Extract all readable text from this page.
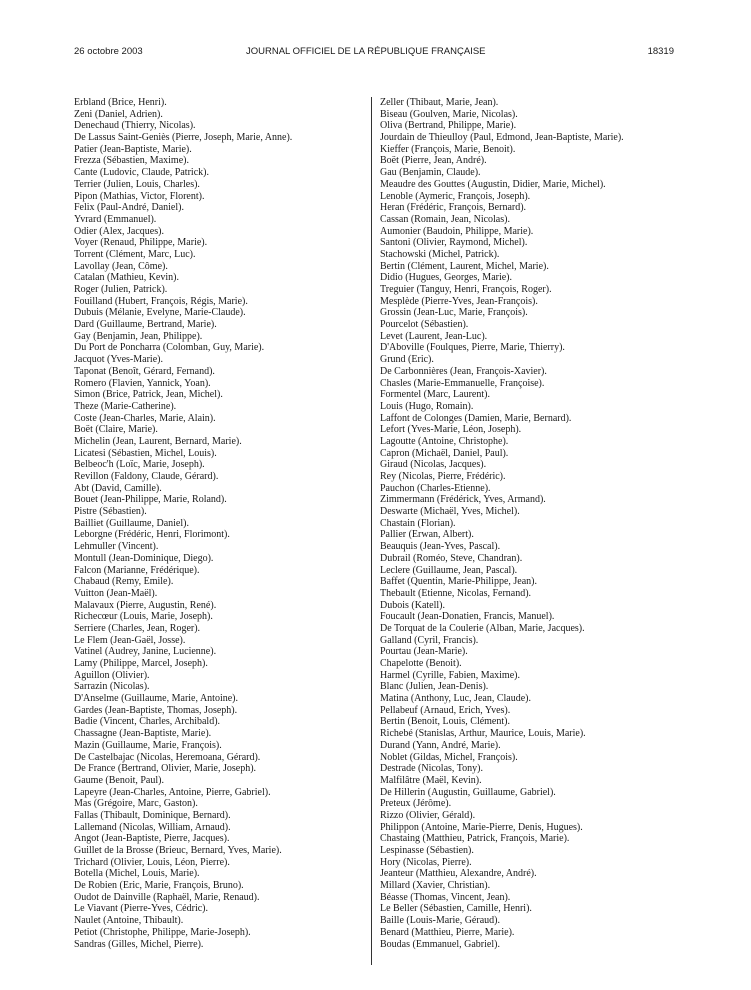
26 octobre 2003	JOURNAL OFFICIEL DE LA RÉPUBLIQUE FRANÇAISE	18319
Erbland (Brice, Henri).
Zeni (Daniel, Adrien).
Denechaud (Thierry, Nicolas).
De Lassus Saint-Geniès (Pierre, Joseph, Marie, Anne).
Patier (Jean-Baptiste, Marie).
Frezza (Sébastien, Maxime).
Cante (Ludovic, Claude, Patrick).
Terrier (Julien, Louis, Charles).
Pipon (Mathias, Victor, Florent).
Felix (Paul-André, Daniel).
Yvrard (Emmanuel).
Odier (Alex, Jacques).
Voyer (Renaud, Philippe, Marie).
Torrent (Clément, Marc, Luc).
Lavollay (Jean, Côme).
Catalan (Mathieu, Kevin).
Roger (Julien, Patrick).
Fouilland (Hubert, François, Régis, Marie).
Dubuis (Mélanie, Evelyne, Marie-Claude).
Dard (Guillaume, Bertrand, Marie).
Gay (Benjamin, Jean, Philippe).
Du Port de Poncharra (Colomban, Guy, Marie).
Jacquot (Yves-Marie).
Taponat (Benoît, Gérard, Fernand).
Romero (Flavien, Yannick, Yoan).
Simon (Brice, Patrick, Jean, Michel).
Theze (Marie-Catherine).
Coste (Jean-Charles, Marie, Alain).
Boët (Claire, Marie).
Michelin (Jean, Laurent, Bernard, Marie).
Licatesi (Sébastien, Michel, Louis).
Belbeoc'h (Loïc, Marie, Joseph).
Revillon (Faldony, Claude, Gérard).
Abt (David, Camille).
Bouet (Jean-Philippe, Marie, Roland).
Pistre (Sébastien).
Bailliet (Guillaume, Daniel).
Leborgne (Frédéric, Henri, Florimont).
Lehmuller (Vincent).
Montull (Jean-Dominique, Diego).
Falcon (Marianne, Frédérique).
Chabaud (Remy, Emile).
Vuitton (Jean-Maël).
Malavaux (Pierre, Augustin, René).
Richecœur (Louis, Marie, Joseph).
Serriere (Charles, Jean, Roger).
Le Flem (Jean-Gaël, Josse).
Vatinel (Audrey, Janine, Lucienne).
Lamy (Philippe, Marcel, Joseph).
Aguillon (Olivier).
Sarrazin (Nicolas).
D'Anselme (Guillaume, Marie, Antoine).
Gardes (Jean-Baptiste, Thomas, Joseph).
Badie (Vincent, Charles, Archibald).
Chassagne (Jean-Baptiste, Marie).
Mazin (Guillaume, Marie, François).
De Castelbajac (Nicolas, Heremoana, Gérard).
De France (Bertrand, Olivier, Marie, Joseph).
Gaume (Benoit, Paul).
Lapeyre (Jean-Charles, Antoine, Pierre, Gabriel).
Mas (Grégoire, Marc, Gaston).
Fallas (Thibault, Dominique, Bernard).
Lallemand (Nicolas, William, Arnaud).
Angot (Jean-Baptiste, Pierre, Jacques).
Guillet de la Brosse (Brieuc, Bernard, Yves, Marie).
Trichard (Olivier, Louis, Léon, Pierre).
Botella (Michel, Louis, Marie).
De Robien (Eric, Marie, François, Bruno).
Oudot de Dainville (Raphaël, Marie, Renaud).
Le Viavant (Pierre-Yves, Cédric).
Naulet (Antoine, Thibault).
Petiot (Christophe, Philippe, Marie-Joseph).
Sandras (Gilles, Michel, Pierre).
Zeller (Thibaut, Marie, Jean).
Biseau (Goulven, Marie, Nicolas).
Oliva (Bertrand, Philippe, Marie).
Jourdain de Thieulloy (Paul, Edmond, Jean-Baptiste, Marie).
Kieffer (François, Marie, Benoit).
Boët (Pierre, Jean, André).
Gau (Benjamin, Claude).
Meaudre des Gouttes (Augustin, Didier, Marie, Michel).
Lenoble (Aymeric, François, Joseph).
Heran (Frédéric, François, Bernard).
Cassan (Romain, Jean, Nicolas).
Aumonier (Baudoin, Philippe, Marie).
Santoni (Olivier, Raymond, Michel).
Stachowski (Michel, Patrick).
Bertin (Clément, Laurent, Michel, Marie).
Didio (Hugues, Georges, Marie).
Treguier (Tanguy, Henri, François, Roger).
Mesplède (Pierre-Yves, Jean-François).
Grossin (Jean-Luc, Marie, François).
Pourcelot (Sébastien).
Levet (Laurent, Jean-Luc).
D'Aboville (Foulques, Pierre, Marie, Thierry).
Grund (Eric).
De Carbonnières (Jean, François-Xavier).
Chasles (Marie-Emmanuelle, Françoise).
Formentel (Marc, Laurent).
Louis (Hugo, Romain).
Laffont de Colonges (Damien, Marie, Bernard).
Lefort (Yves-Marie, Léon, Joseph).
Lagoutte (Antoine, Christophe).
Capron (Michaël, Daniel, Paul).
Giraud (Nicolas, Jacques).
Rey (Nicolas, Pierre, Frédéric).
Pauchon (Charles-Etienne).
Zimmermann (Frédérick, Yves, Armand).
Deswarte (Michaël, Yves, Michel).
Chastain (Florian).
Pallier (Erwan, Albert).
Beauquis (Jean-Yves, Pascal).
Dubrail (Roméo, Steve, Chandran).
Leclere (Guillaume, Jean, Pascal).
Baffet (Quentin, Marie-Philippe, Jean).
Thebault (Etienne, Nicolas, Fernand).
Dubois (Katell).
Foucault (Jean-Donatien, Francis, Manuel).
De Torquat de la Coulerie (Alban, Marie, Jacques).
Galland (Cyril, Francis).
Pourtau (Jean-Marie).
Chapelotte (Benoit).
Harmel (Cyrille, Fabien, Maxime).
Blanc (Julien, Jean-Denis).
Matina (Anthony, Luc, Jean, Claude).
Pellabeuf (Arnaud, Erich, Yves).
Bertin (Benoit, Louis, Clément).
Richebé (Stanislas, Arthur, Maurice, Louis, Marie).
Durand (Yann, André, Marie).
Noblet (Gildas, Michel, François).
Destrade (Nicolas, Tony).
Malfilâtre (Maël, Kevin).
De Hillerin (Augustin, Guillaume, Gabriel).
Preteux (Jérôme).
Rizzo (Olivier, Gérald).
Philippon (Antoine, Marie-Pierre, Denis, Hugues).
Chastaing (Matthieu, Patrick, François, Marie).
Lespinasse (Sébastien).
Hory (Nicolas, Pierre).
Jeanteur (Matthieu, Alexandre, André).
Millard (Xavier, Christian).
Béasse (Thomas, Vincent, Jean).
Le Beller (Sébastien, Camille, Henri).
Baille (Louis-Marie, Géraud).
Benard (Matthieu, Pierre, Marie).
Boudas (Emmanuel, Gabriel).
